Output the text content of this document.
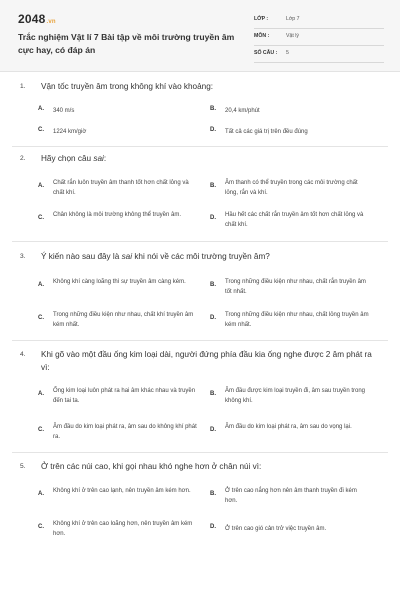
2048.vn
Trắc nghiệm Vật lí 7 Bài tập về môi trường truyền âm cực hay, có đáp án
LỚP :	Lớp 7
MÔN :	Vật lý
SỐ CÂU : 5
1. Vận tốc truyền âm trong không khí vào khoảng:
A. 340 m/s	B. 20,4 km/phút
C. 1224 km/giờ	D. Tất cả các giá trị trên đều đúng
2. Hãy chọn câu sai:
A. Chất rắn luôn truyền âm thanh tốt hơn chất lỏng và chất khí.
B. Âm thanh có thể truyền trong các môi trường chất lỏng, rắn và khí.
C. Chân không là môi trường không thể truyền âm.	D. Hầu hết các chất rắn truyền âm tốt hơn chất lỏng và chất khí.
3. Ý kiến nào sau đây là sai khi nói về các môi trường truyền âm?
A. Không khí càng loãng thì sự truyền âm càng kém.	B. Trong những điều kiện như nhau, chất rắn truyền âm tốt nhất.
C. Trong những điều kiện như nhau, chất khí truyền âm kém nhất.
D. Trong những điều kiện như nhau, chất lỏng truyền âm kém nhất.
4. Khi gõ vào một đầu ống kim loại dài, người đứng phía đầu kia ống nghe được 2 âm phát ra vì:
A. Ống kim loại luôn phát ra hai âm khác nhau và truyền đến tai ta.
B. Âm đầu được kim loại truyền đi, âm sau truyền trong không khí.
C. Âm đầu do kim loại phát ra, âm sau do không khí phát ra.
D. Âm đầu do kim loại phát ra, âm sau do vọng lại.
5. Ở trên các núi cao, khi gọi nhau khó nghe hơn ở chân núi vì:
A. Không khí ở trên cao lạnh, nên truyền âm kém hơn.	B. Ở trên cao nắng hơn nên âm thanh truyền đi kém hơn.
C. Không khí ở trên cao loãng hơn, nên truyền âm kém hơn.
D. Ở trên cao gió cản trở việc truyền âm.
